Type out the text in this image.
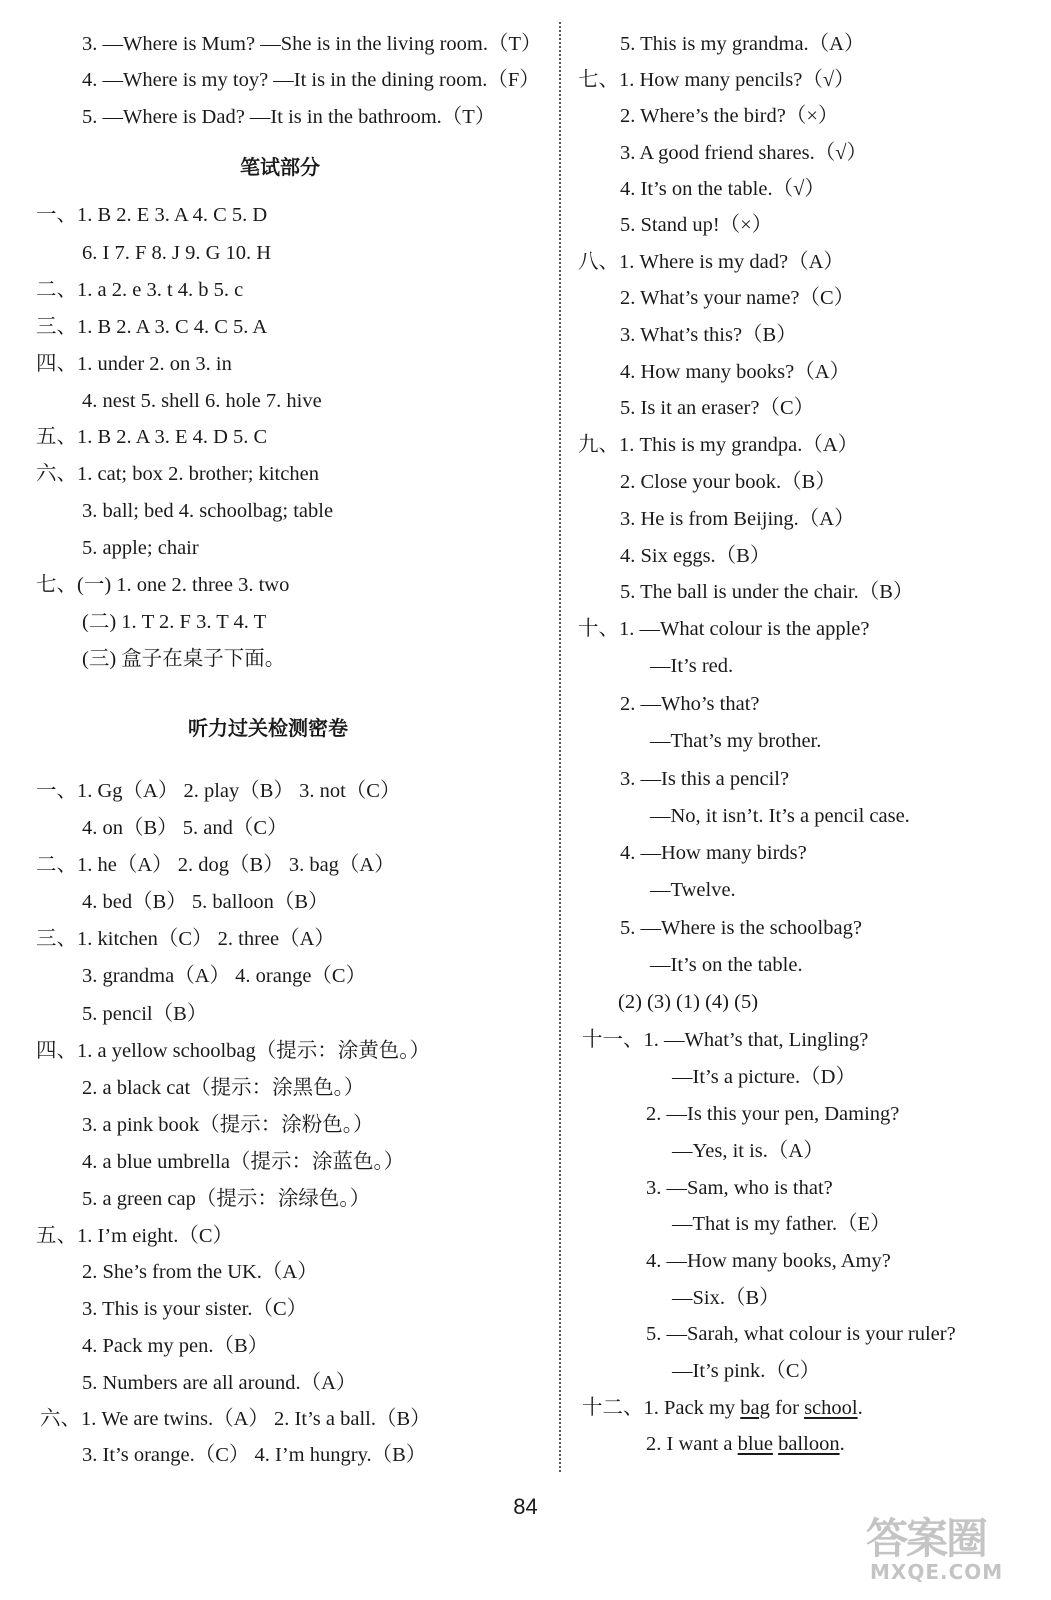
3. —Where is Mum? —She is in the living room.（T）
4. —Where is my toy? —It is in the dining room.（F）
5. —Where is Dad? —It is in the bathroom.（T）
一、1. B 2. E 3. A 4. C 5. D
6. I 7. F 8. J 9. G 10. H
二、1. a 2. e 3. t 4. b 5. c
三、1. B 2. A 3. C 4. C 5. A
四、1. under 2. on 3. in
4. nest 5. shell 6. hole 7. hive
五、1. B 2. A 3. E 4. D 5. C
六、1. cat; box 2. brother; kitchen
3. ball; bed 4. schoolbag; table
5. apple; chair
七、(一) 1. one 2. three 3. two
(二) 1. T 2. F 3. T 4. T
(三) 盒子在桌子下面。
一、1. Gg（A） 2. play（B） 3. not（C）
4. on（B） 5. and（C）
二、1. he（A） 2. dog（B） 3. bag（A）
4. bed（B） 5. balloon（B）
三、1. kitchen（C） 2. three（A）
3. grandma（A） 4. orange（C）
5. pencil（B）
四、1. a yellow schoolbag（提示：涂黄色。）
2. a black cat（提示：涂黑色。）
3. a pink book（提示：涂粉色。）
4. a blue umbrella（提示：涂蓝色。）
5. a green cap（提示：涂绿色。）
五、1. I’m eight.（C）
2. She’s from the UK.（A）
3. This is your sister.（C）
4. Pack my pen.（B）
5. Numbers are all around.（A）
六、1. We are twins.（A） 2. It’s a ball.（B）
3. It’s orange.（C） 4. I’m hungry.（B）
笔试部分
听力过关检测密卷
十二、1. Pack my bag for school.
2. I want a blue balloon.
5. This is my grandma.（A）
七、1. How many pencils?（√）
2. Where’s the bird?（×）
3. A good friend shares.（√）
4. It’s on the table.（√）
5. Stand up!（×）
八、1. Where is my dad?（A）
2. What’s your name?（C）
3. What’s this?（B）
4. How many books?（A）
5. Is it an eraser?（C）
九、1. This is my grandpa.（A）
2. Close your book.（B）
3. He is from Beijing.（A）
4. Six eggs.（B）
5. The ball is under the chair.（B）
十、1. —What colour is the apple?
—It’s red.
2. —Who’s that?
—That’s my brother.
3. —Is this a pencil?
—No, it isn’t. It’s a pencil case.
4. —How many birds?
—Twelve.
5. —Where is the schoolbag?
—It’s on the table.
(2) (3) (1) (4) (5)
十一、1. —What’s that, Lingling?
—It’s a picture.（D）
2. —Is this your pen, Daming?
—Yes, it is.（A）
3. —Sam, who is that?
—That is my father.（E）
4. —How many books, Amy?
—Six.（B）
5. —Sarah, what colour is your ruler?
—It’s pink.（C）
84
答案圈
MXQE.COM
